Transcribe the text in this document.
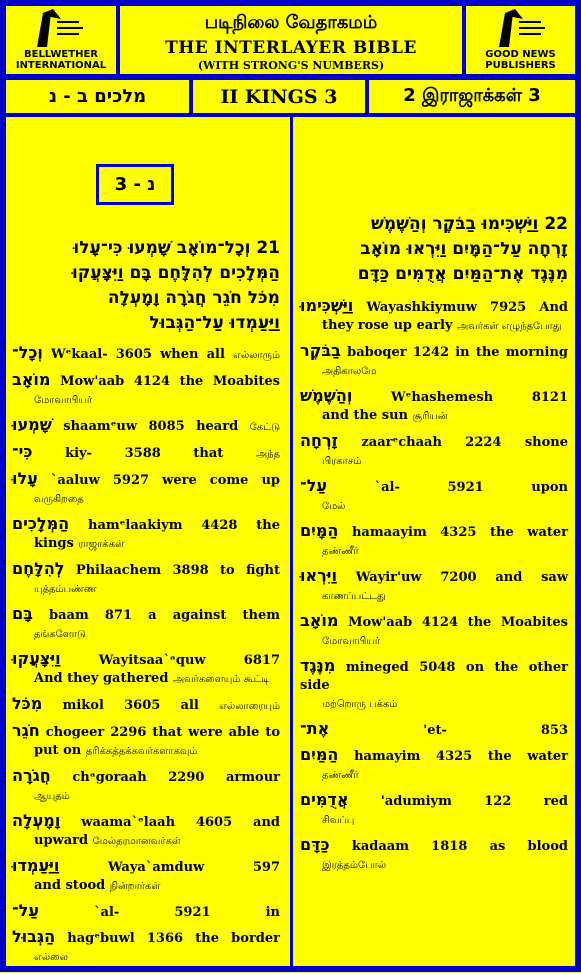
BELLWETHER INTERNATIONAL
படிநிலை வேதாகமம்
THE INTERLAYER BIBLE
(WITH STRONG'S NUMBERS)
GOOD NEWS PUBLISHERS
מלכים ב - נ	II KINGS 3	2 இராஜாக்கள் 3
נ - 3
21 וְכָל־מוֹאָב שָׁמְעוּ כִּי־עָלוּ
הַמְּלָכִים לְהִלָּחֶם בָּם וַיִּצָּעֲקוּ
מִכֹּל חֹגֵר חֲגֹרָה וָמָעְלָה
וַיַּעַמְדוּ עַל־הַגְּבוּל
וְכָל־ Wᵉkaal- 3605 when all எல்லாரும்
מוֹאָב Mow'aab 4124 the Moabites
மோவாபியர்
שָׁמְעוּ shaamᵉuw 8085 heard கேட்டு
כִּי־	kiy- 3588 that	அந்த
עָלוּ `aaluw 5927 were come up
வருகிறதை
הַמְּלָכִים hamᵉlaakiym 4428 the
kings ராஜாக்கள்
לְהִלָּחֶם Philaachem 3898 to fight
யுத்தம்பண்ண
בָּם baam 871 a against them
தங்களோடு
וַיִּצָּעֲקוּ	Wayitsaa`ᵃquw 6817
And they gathered அவர்களையும் கூட்டி
מִכֹּל mikol 3605 all எல்லாரையும்
חֹגֵר chogeer 2296 that were able to
put on தரிக்கத்தக்கவர்களாகவும்
חֲגֹרָה chᵃgoraah 2290 armour
ஆயுதம்
וָמָעְלָה waama`ᵉlaah 4605 and
upward மேல்தரமானவர்கள்
וַיַּעַמְדוּ	Waya`amduw 597
and stood நின்றார்கள்
עַל־	`al- 5921 in
הַגְּבוּל hagᵉbuwl 1366 the border
எல்லை
22 וַיַּשְׁכִּימוּ בַבֹּקֶר וְהַשֶּׁמֶשׁ
זָרְחָה עַל־הַמָּיִם וַיִּרְאוּ מוֹאָב
מִנֶּגֶד אֶת־הַמַּיִם אֲדֻמִּים כַּדָּם
וַיַּשְׁכִּימוּ Wayashkiymuw 7925 And
they rose up early அவர்கள் எழுந்தபோது
בַבֹּקֶר baboqer 1242 in the morning
அதிகாலமே
וְהַשֶּׁמֶשׁ	Wᵉhashemesh 8121
and the sun சூரியன்
זָרְחָה zaarᵉchaah 2224 shone
பிரகாசம்
עַל־	`al- 5921 upon
மேல்
הַמָּיִם hamaayim 4325 the water
தண்ணீர்
וַיִּרְאוּ Wayir'uw 7200 and saw
காணப்பட்டது
מוֹאָב Mow'aab 4124 the Moabites
மோவாபியர்
מִנֶּגֶד mineged 5048 on the other side
மற்றொரு பக்கம்
אֶת־	'et- 853
הַמַּיִם hamayim 4325 the water
தண்ணீர்
אֲדֻמִּים 'adumiym 122 red
சிவப்பு
כַּדָּם kadaam 1818 as blood
இரத்தம்போல்
